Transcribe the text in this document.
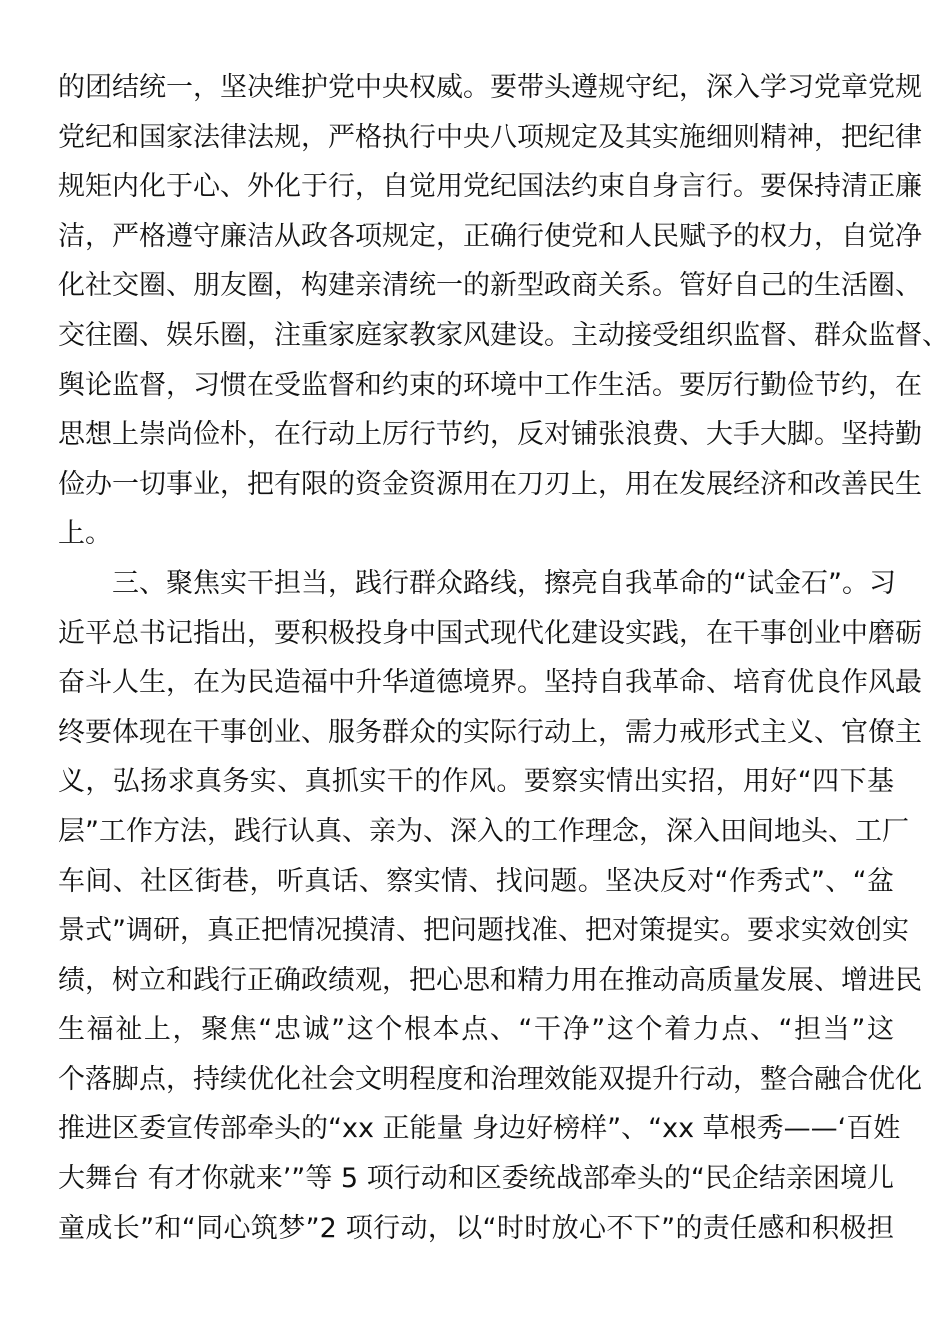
的团结统一，坚决维护党中央权威。要带头遵规守纪，深入学习党章党规
党纪和国家法律法规，严格执行中央八项规定及其实施细则精神，把纪律
规矩内化于心、外化于行，自觉用党纪国法约束自身言行。要保持清正廉
洁，严格遵守廉洁从政各项规定，正确行使党和人民赋予的权力，自觉净
化社交圈、朋友圈，构建亲清统一的新型政商关系。管好自己的生活圈、
交往圈、娱乐圈，注重家庭家教家风建设。主动接受组织监督、群众监督、
舆论监督，习惯在受监督和约束的环境中工作生活。要厉行勤俭节约，在
思想上崇尚俭朴，在行动上厉行节约，反对铺张浪费、大手大脚。坚持勤
俭办一切事业，把有限的资金资源用在刀刃上，用在发展经济和改善民生
上。
三、聚焦实干担当，践行群众路线，擦亮自我革命的“试金石”。习
近平总书记指出，要积极投身中国式现代化建设实践，在干事创业中磨砺
奋斗人生，在为民造福中升华道德境界。坚持自我革命、培育优良作风最
终要体现在干事创业、服务群众的实际行动上，需力戒形式主义、官僚主
义，弘扬求真务实、真抓实干的作风。要察实情出实招，用好“四下基
层”工作方法，践行认真、亲为、深入的工作理念，深入田间地头、工厂
车间、社区街巷，听真话、察实情、找问题。坚决反对“作秀式”、“盆
景式”调研，真正把情况摸清、把问题找准、把对策提实。要求实效创实
绩，树立和践行正确政绩观，把心思和精力用在推动高质量发展、增进民
生福祉上，聚焦“忠诚”这个根本点、“干净”这个着力点、“担当”这
个落脚点，持续优化社会文明程度和治理效能双提升行动，整合融合优化
推进区委宣传部牵头的“xx 正能量 身边好榜样”、“xx 草根秀——‘百姓
大舞台 有才你就来’”等 5 项行动和区委统战部牵头的“民企结亲困境儿
童成长”和“同心筑梦”2 项行动，以“时时放心不下”的责任感和积极担
